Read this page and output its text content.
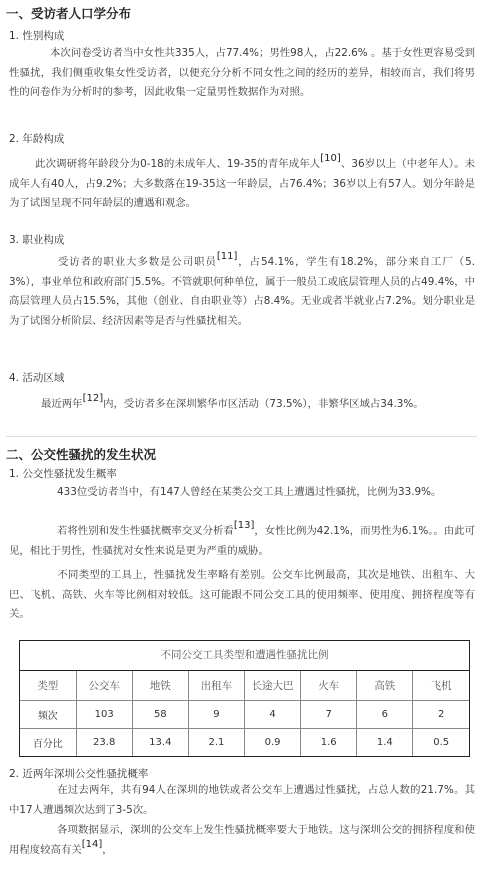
一、受访者人口学分布
1. 性别构成
本次问卷受访者当中女性共335人，占77.4%；男性98人，占22.6% 。基于女性更容易受到性骚扰，我们侧重收集女性受访者，以便充分分析不同女性之间的经历的差异，相较而言，我们将男性的问卷作为分析时的参考，因此收集一定量男性数据作为对照。
2. 年龄构成
此次调研将年龄段分为0-18的未成年人、19-35的青年成年人[10]、36岁以上（中老年人）。未成年人有40人，占9.2%；大多数落在19-35这一年龄层，占76.4%；36岁以上有57人。划分年龄是为了试图呈现不同年龄层的遭遇和观念。
3. 职业构成
受访者的职业大多数是公司职员[11]，占54.1%，学生有18.2%，部分来自工厂（5.3%），事业单位和政府部门5.5%。不管就职何种单位，属于一般员工或底层管理人员的占49.4%，中高层管理人员占15.5%，其他（创业、自由职业等）占8.4%。无业或者半就业占7.2%。划分职业是为了试图分析阶层、经济因素等是否与性骚扰相关。
4. 活动区域
最近两年[12]内，受访者多在深圳繁华市区活动（73.5%），非繁华区域占34.3%。
二、公交性骚扰的发生状况
1. 公交性骚扰发生概率
433位受访者当中，有147人曾经在某类公交工具上遭遇过性骚扰，比例为33.9%。
若将性别和发生性骚扰概率交叉分析看[13]，女性比例为42.1%，而男性为6.1%。。由此可见，相比于男性，性骚扰对女性来说是更为严重的威胁。
不同类型的工具上，性骚扰发生率略有差别。公交车比例最高，其次是地铁、出租车、大巴、飞机、高铁、火车等比例相对较低。这可能跟不同公交工具的使用频率、使用度、拥挤程度等有关。
不同公交工具类型和遭遇性骚扰比例
类型	公交车	地铁	出租车	长途大巴	火车	高铁	飞机
频次	103	58	9	4	7	6	2
百分比	23.8	13.4	2.1	0.9	1.6	1.4	0.5
2. 近两年深圳公交性骚扰概率
在过去两年，共有94人在深圳的地铁或者公交车上遭遇过性骚扰，占总人数的21.7%。其中17人遭遇频次达到了3-5次。
各项数据显示，深圳的公交车上发生性骚扰概率要大于地铁。这与深圳公交的拥挤程度和使用程度较高有关[14]，
